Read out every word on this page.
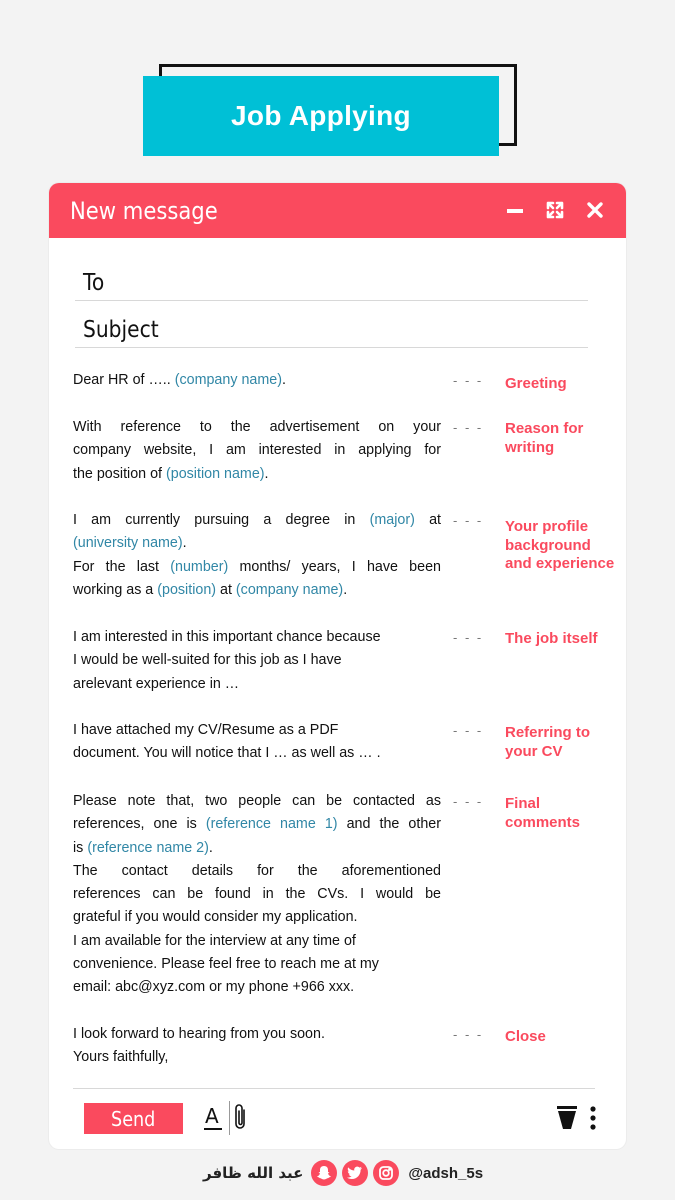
Job Applying
New message
To
Subject
Dear HR of ….. (company name).	- - - Greeting
With reference to the advertisement on your
company website, I am interested in applying for
the position of (position name).
- - - Reason for writing
I am currently pursuing a degree in (major) at
(university name).
For the last (number) months/ years, I have been
working as a (position) at (company name).
- - - Your profile background and experience
I am interested in this important chance because
I would be well-suited for this job as I have
arelevant experience in …
- - - The job itself
I have attached my CV/Resume as a PDF
document. You will notice that I … as well as … .
- - - Referring to your CV
Please note that, two people can be contacted as
references, one is (reference name 1) and the other
is (reference name 2).
The contact details for the aforementioned
references can be found in the CVs. I would be
grateful if you would consider my application.
I am available for the interview at any time of
convenience. Please feel free to reach me at my
email: abc@xyz.com or my phone +966 xxx.
- - - Final comments
I look forward to hearing from you soon.
Yours faithfully,
- - - Close
Send A
عبد الله ظافر	@adsh_5s
